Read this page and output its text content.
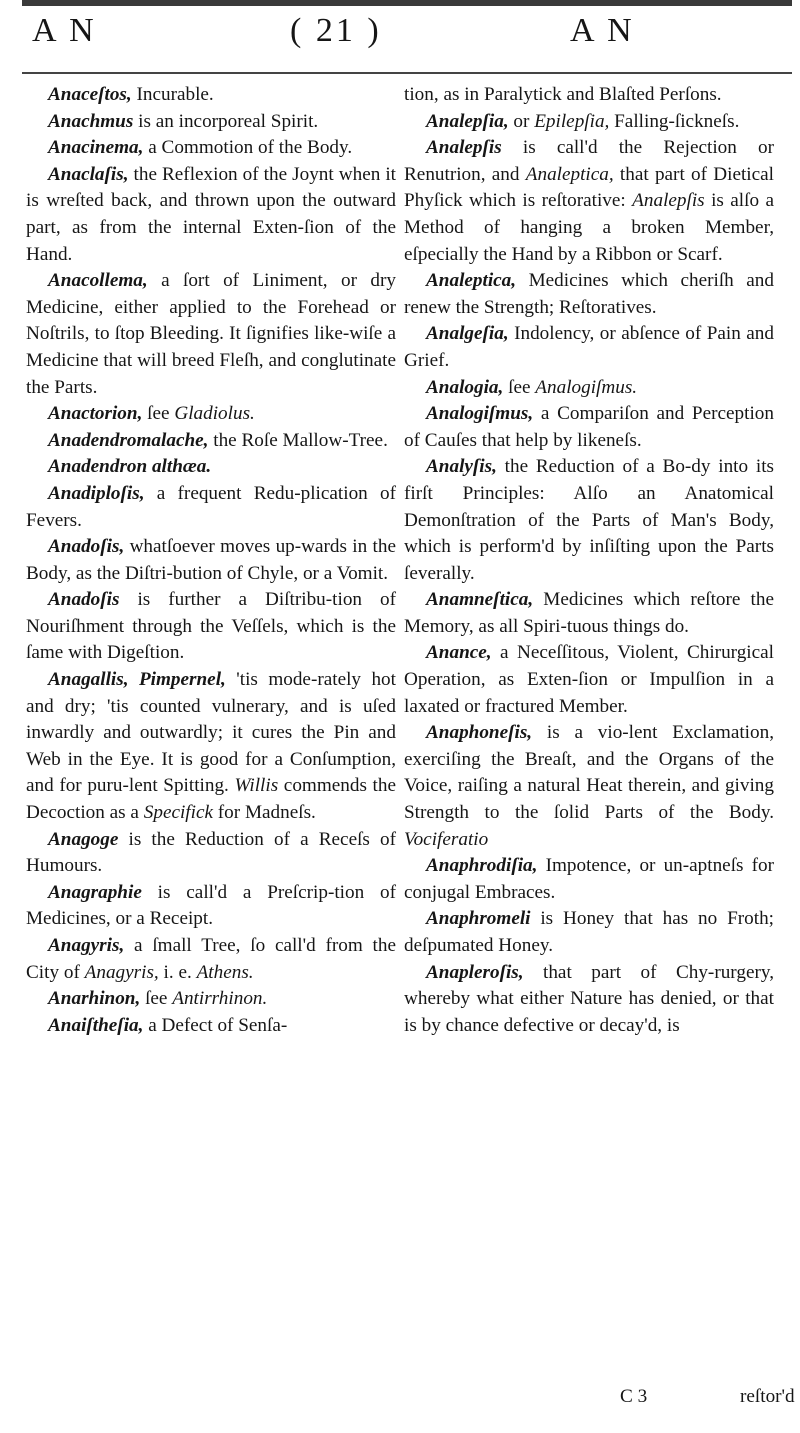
A N	( 21 )	A N

Anaceſtos, Incurable.

Anachmus is an incorporeal Spirit.

Anacinema, a Commotion of the Body.

Anaclaſis, the Reflexion of the Joynt when it is wreſted back, and thrown upon the outward part, as from the internal Exten-ſion of the Hand.

Anacollema, a ſort of Liniment, or dry Medicine, either applied to the Forehead or Noſtrils, to ſtop Bleeding. It ſignifies like-wiſe a Medicine that will breed Fleſh, and conglutinate the Parts.

Anactorion, ſee Gladiolus.

Anadendromalache, the Roſe Mallow-Tree.

Anadendron althæa.

Anadiploſis, a frequent Redu-plication of Fevers.

Anadoſis, whatſoever moves up-wards in the Body, as the Diſtri-bution of Chyle, or a Vomit.

Anadoſis is further a Diſtribu-tion of Nouriſhment through the Veſſels, which is the ſame with Digeſtion.

Anagallis, Pimpernel, 'tis mode-rately hot and dry; 'tis counted vulnerary, and is uſed inwardly and outwardly; it cures the Pin and Web in the Eye. It is good for a Conſumption, and for puru-lent Spitting. Willis commends the Decoction as a Specifick for Madneſs.

Anagoge is the Reduction of a Receſs of Humours.

Anagraphie is call'd a Preſcrip-tion of Medicines, or a Receipt.

Anagyris, a ſmall Tree, ſo call'd from the City of Anagyris, i. e. Athens.

Anarhinon, ſee Antirrhinon.

Anaiſtheſia, a Defect of Senſa-

tion, as in Paralytick and Blaſted Perſons.

Analepſia, or Epilepſia, Falling-ſickneſs.

Analepſis is call'd the Rejection or Renutrion, and Analeptica, that part of Dietical Phyſick which is reſtorative: Analepſis is alſo a Method of hanging a broken Member, eſpecially the Hand by a Ribbon or Scarf.

Analeptica, Medicines which cheriſh and renew the Strength; Reſtoratives.

Analgeſia, Indolency, or abſence of Pain and Grief.

Analogia, ſee Analogiſmus.

Analogiſmus, a Compariſon and Perception of Cauſes that help by likeneſs.

Analyſis, the Reduction of a Bo-dy into its firſt Principles: Alſo an Anatomical Demonſtration of the Parts of Man's Body, which is perform'd by inſiſting upon the Parts ſeverally.

Anamneſtica, Medicines which reſtore the Memory, as all Spiri-tuous things do.

Anance, a Neceſſitous, Violent, Chirurgical Operation, as Exten-ſion or Impulſion in a laxated or fractured Member.

Anaphoneſis, is a vio-lent Exclamation, exerciſing the Breaſt, and the Organs of the Voice, raiſing a natural Heat therein, and giving Strength to the ſolid Parts of the Body. Vociferatio

Anaphrodiſia, Impotence, or un-aptneſs for conjugal Embraces.

Anaphromeli is Honey that has no Froth; deſpumated Honey.

Anapleroſis, that part of Chy-rurgery, whereby what either Nature has denied, or that is by chance defective or decay'd, is

C 3	reſtor'd
